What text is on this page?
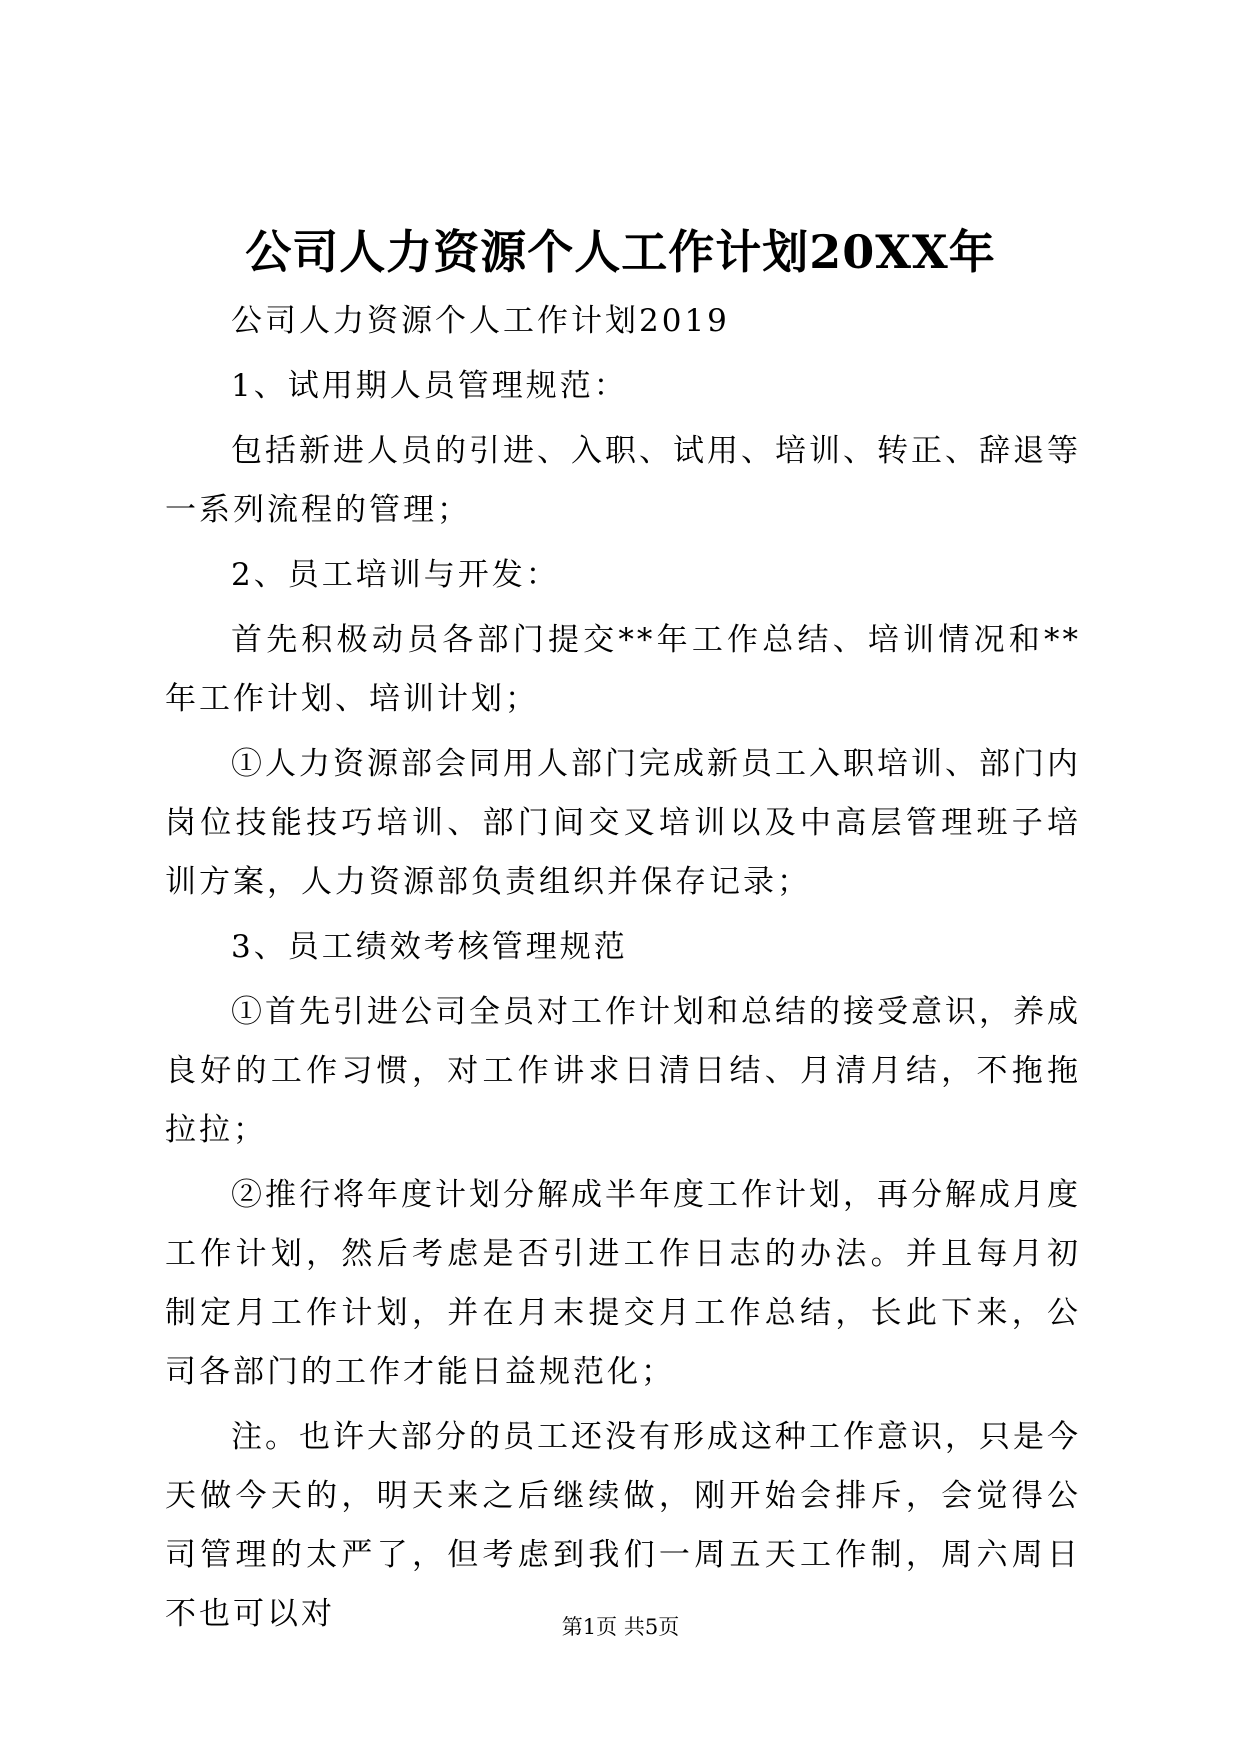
公司人力资源个人工作计划20XX年

公司人力资源个人工作计划2019

1、试用期人员管理规范：

包括新进人员的引进、入职、试用、培训、转正、辞退等一系列流程的管理；

2、员工培训与开发：

首先积极动员各部门提交**年工作总结、培训情况和**年工作计划、培训计划；

①人力资源部会同用人部门完成新员工入职培训、部门内岗位技能技巧培训、部门间交叉培训以及中高层管理班子培训方案，人力资源部负责组织并保存记录；

3、员工绩效考核管理规范

①首先引进公司全员对工作计划和总结的接受意识，养成良好的工作习惯，对工作讲求日清日结、月清月结，不拖拖拉拉；

②推行将年度计划分解成半年度工作计划，再分解成月度工作计划，然后考虑是否引进工作日志的办法。并且每月初制定月工作计划，并在月末提交月工作总结，长此下来，公司各部门的工作才能日益规范化；

注。也许大部分的员工还没有形成这种工作意识，只是今天做今天的，明天来之后继续做，刚开始会排斥，会觉得公司管理的太严了，但考虑到我们一周五天工作制，周六周日不也可以对	第1页 共5页
